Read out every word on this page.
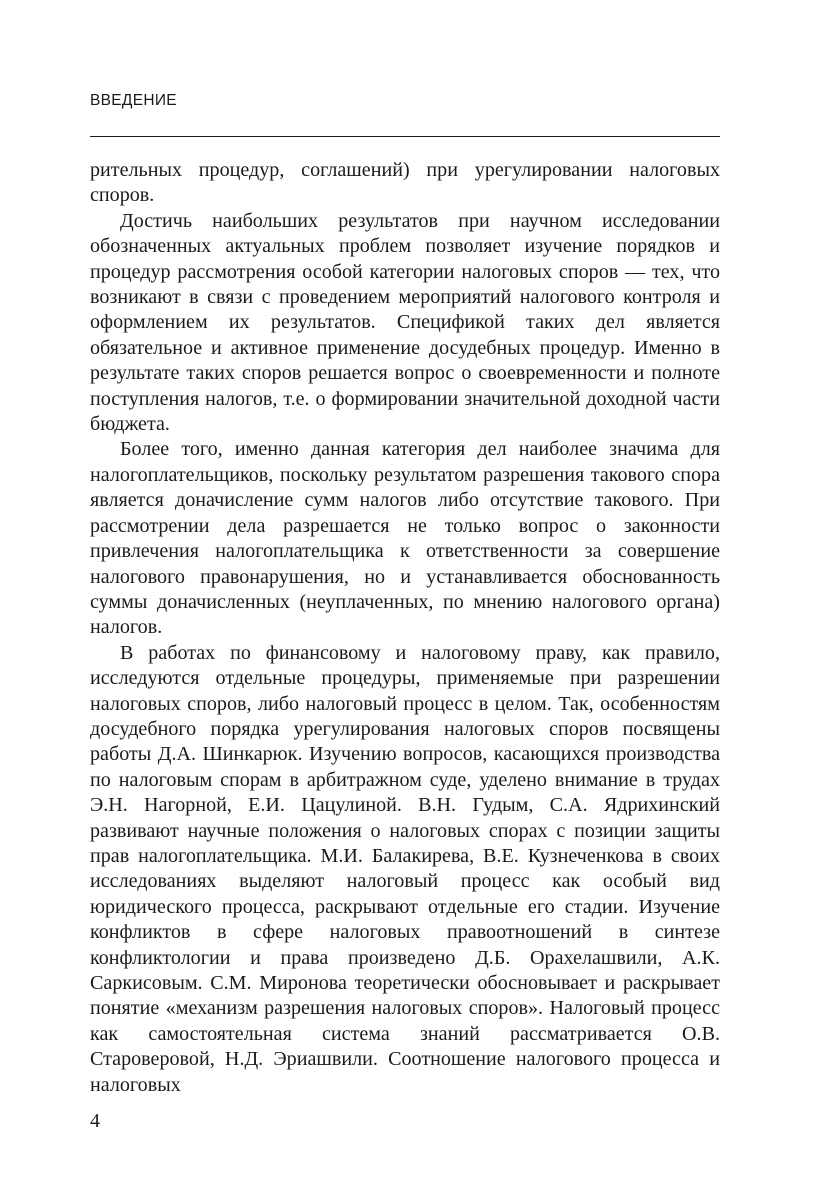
ВВЕДЕНИЕ

рительных процедур, соглашений) при урегулировании налоговых споров.

Достичь наибольших результатов при научном исследовании обозначенных актуальных проблем позволяет изучение порядков и процедур рассмотрения особой категории налоговых споров — тех, что возникают в связи с проведением мероприятий налогового контроля и оформлением их результатов. Спецификой таких дел является обязательное и активное применение досудебных процедур. Именно в результате таких споров решается вопрос о своевременности и полноте поступления налогов, т.е. о формировании значительной доходной части бюджета.

Более того, именно данная категория дел наиболее значима для налогоплательщиков, поскольку результатом разрешения такового спора является доначисление сумм налогов либо отсутствие такового. При рассмотрении дела разрешается не только вопрос о законности привлечения налогоплательщика к ответственности за совершение налогового правонарушения, но и устанавливается обоснованность суммы доначисленных (неуплаченных, по мнению налогового органа) налогов.

В работах по финансовому и налоговому праву, как правило, исследуются отдельные процедуры, применяемые при разрешении налоговых споров, либо налоговый процесс в целом. Так, особенностям досудебного порядка урегулирования налоговых споров посвящены работы Д.А. Шинкарюк. Изучению вопросов, касающихся производства по налоговым спорам в арбитражном суде, уделено внимание в трудах Э.Н. Нагорной, Е.И. Цацулиной. В.Н. Гудым, С.А. Ядрихинский развивают научные положения о налоговых спорах с позиции защиты прав налогоплательщика. М.И. Балакирева, В.Е. Кузнеченкова в своих исследованиях выделяют налоговый процесс как особый вид юридического процесса, раскрывают отдельные его стадии. Изучение конфликтов в сфере налоговых правоотношений в синтезе конфликтологии и права произведено Д.Б. Орахелашвили, А.К. Саркисовым. С.М. Миронова теоретически обосновывает и раскрывает понятие «механизм разрешения налоговых споров». Налоговый процесс как самостоятельная система знаний рассматривается О.В. Староверовой, Н.Д. Эриашвили. Соотношение налогового процесса и налоговых

4
